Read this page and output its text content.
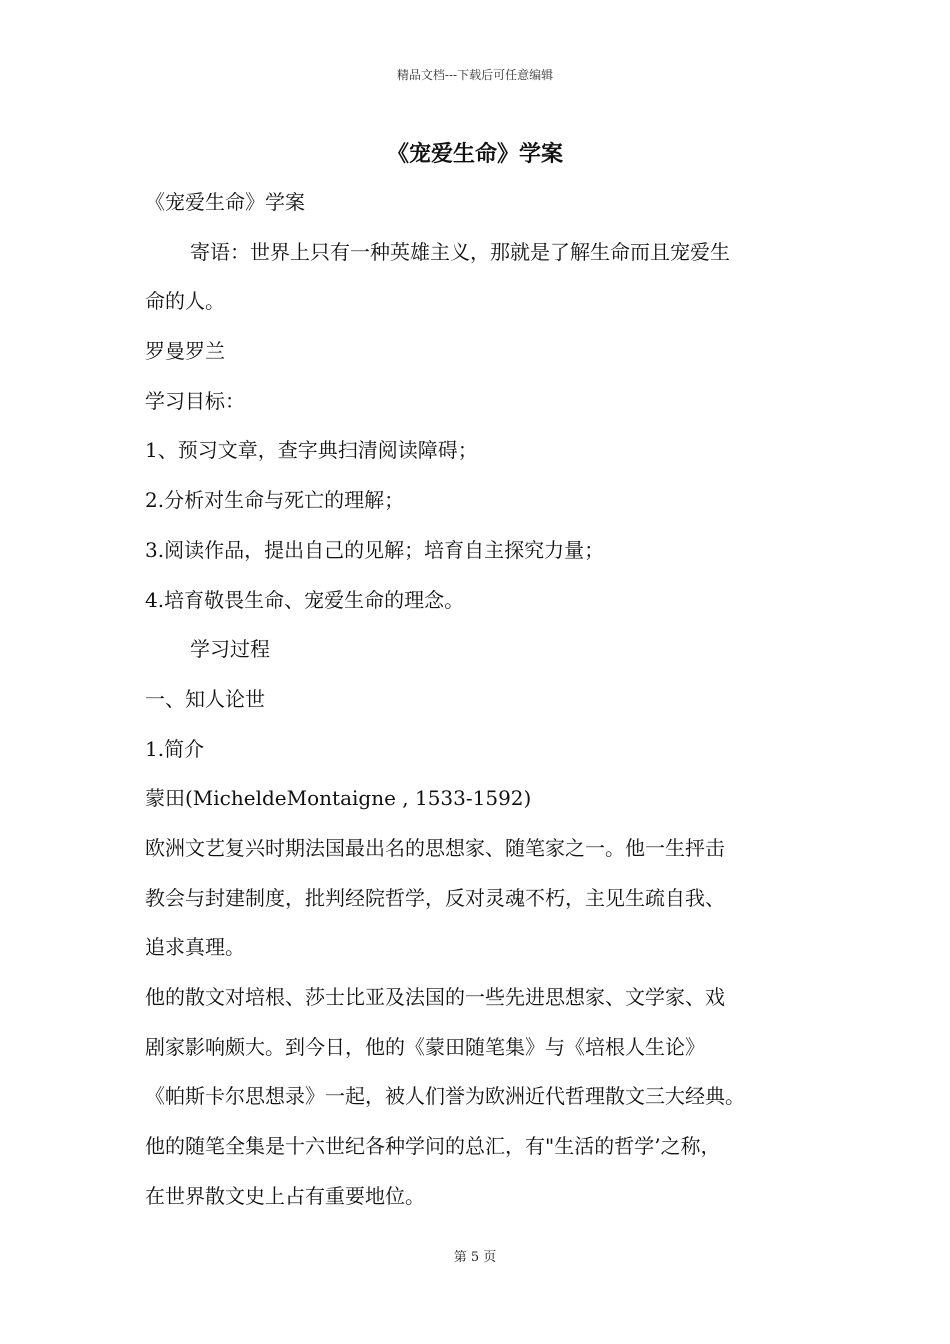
精品文档---下载后可任意编辑
《宠爱生命》学案
《宠爱生命》学案
寄语：世界上只有一种英雄主义，那就是了解生命而且宠爱生
命的人。
罗曼罗兰
学习目标：
1、预习文章，查字典扫清阅读障碍；
2.分析对生命与死亡的理解；
3.阅读作品，提出自己的见解；培育自主探究力量；
4.培育敬畏生命、宠爱生命的理念。
学习过程
一、知人论世
1.简介
蒙田(MicheldeMontaigne , 1533-1592)
欧洲文艺复兴时期法国最出名的思想家、随笔家之一。他一生抨击
教会与封建制度，批判经院哲学，反对灵魂不朽，主见生疏自我、
追求真理。
他的散文对培根、莎士比亚及法国的一些先进思想家、文学家、戏
剧家影响颇大。到今日，他的《蒙田随笔集》与《培根人生论》
《帕斯卡尔思想录》一起，被人们誉为欧洲近代哲理散文三大经典。
他的随笔全集是十六世纪各种学问的总汇，有"生活的哲学’之称，
在世界散文史上占有重要地位。
第 5 页
